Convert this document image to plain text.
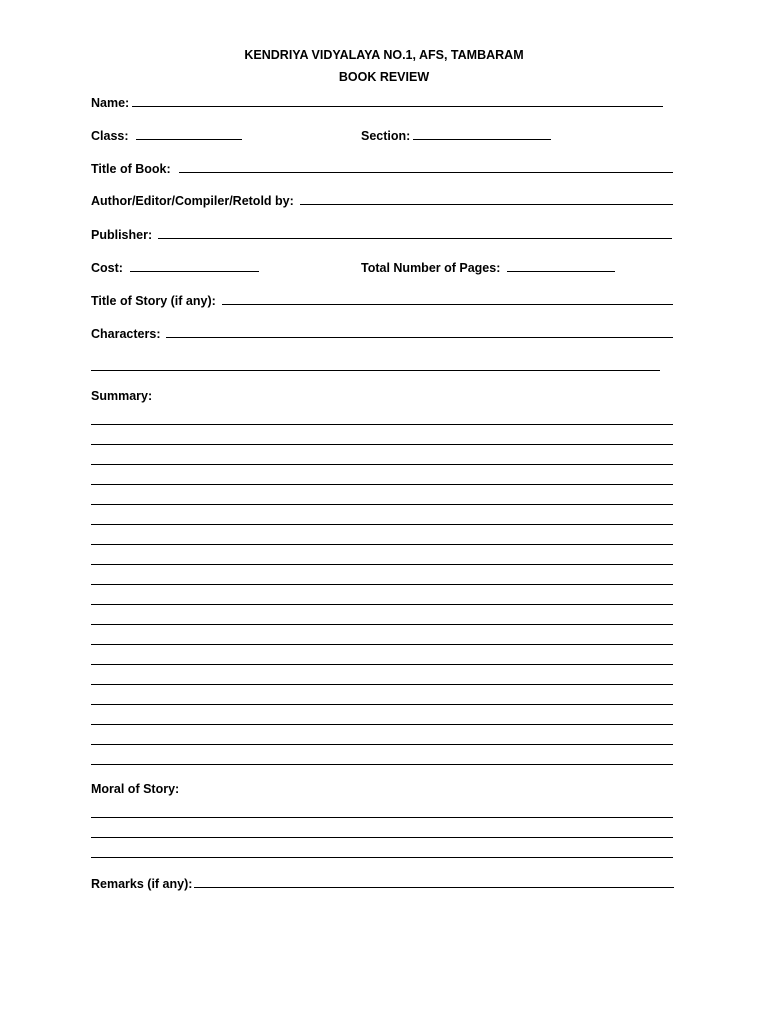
KENDRIYA VIDYALAYA NO.1, AFS, TAMBARAM
BOOK REVIEW
Name:
Class:	Section:
Title of Book:
Author/Editor/Compiler/Retold by:
Publisher:
Cost:	Total Number of Pages:
Title of Story (if any):
Characters:
Summary:
Moral of Story:
Remarks (if any):
